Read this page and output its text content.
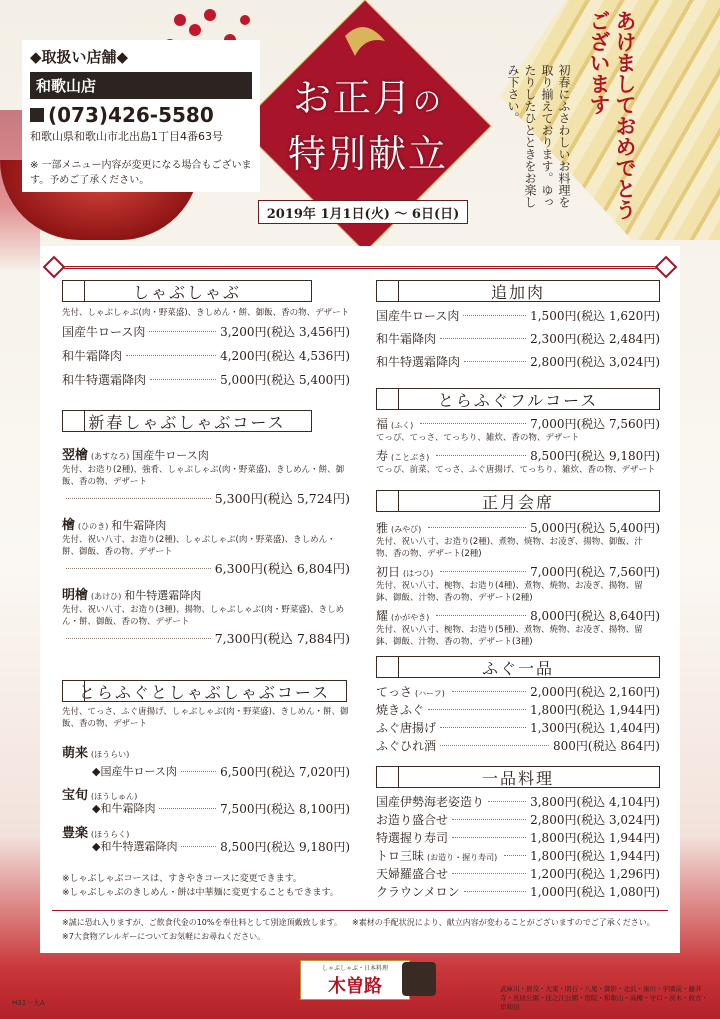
お正月の
特別献立
2019年 1月1日(火) 〜 6日(日)
◆取扱い店舗◆
和歌山店
(073)426-5580
和歌山県和歌山市北出島1丁目4番63号
※ 一部メニュー内容が変更になる場合もございます。予めご了承ください。	あけましておめでとうございます
初春にふさわしいお料理を取り揃えております。ゆったりしたひとときをお楽しみ下さい。
しゃぶしゃぶ
先付、しゃぶしゃぶ(肉・野菜盛)、きしめん・餅、御飯、香の物、デザート
国産牛ロース肉	3,200円(税込 3,456円)
和牛霜降肉	4,200円(税込 4,536円)
和牛特選霜降肉	5,000円(税込 5,400円)
新春しゃぶしゃぶコース
翌檜 (あすなろ) 国産牛ロース肉
先付、お造り(2種)、強肴、しゃぶしゃぶ(肉・野菜盛)、きしめん・餅、御飯、香の物、デザート
5,300円(税込 5,724円)
檜 (ひのき) 和牛霜降肉
先付、祝い八寸、お造り(2種)、しゃぶしゃぶ(肉・野菜盛)、きしめん・餅、御飯、香の物、デザート
6,300円(税込 6,804円)
明檜 (あけひ) 和牛特選霜降肉
先付、祝い八寸、お造り(3種)、揚物、しゃぶしゃぶ(肉・野菜盛)、きしめん・餅、御飯、香の物、デザート
7,300円(税込 7,884円)
とらふぐとしゃぶしゃぶコース
先付、てっさ、ふぐ唐揚げ、しゃぶしゃぶ(肉・野菜盛)、きしめん・餅、御飯、香の物、デザート
萌来 (ほうらい)
◆国産牛ロース肉	6,500円(税込 7,020円)
宝旬 (ほうしゅん)
◆和牛霜降肉	7,500円(税込 8,100円)
豊楽 (ほうらく)
◆和牛特選霜降肉	8,500円(税込 9,180円)
※しゃぶしゃぶコースは、すきやきコースに変更できます。
※しゃぶしゃぶのきしめん・餅は中華麺に変更することもできます。
追加肉
国産牛ロース肉	1,500円(税込 1,620円)
和牛霜降肉	2,300円(税込 2,484円)
和牛特選霜降肉	2,800円(税込 3,024円)
とらふぐフルコース
福 (ふく)	7,000円(税込 7,560円)
てっぴ、てっさ、てっちり、雑炊、香の物、デザート
寿 (ことぶき)	8,500円(税込 9,180円)
てっぴ、前菜、てっさ、ふぐ唐揚げ、てっちり、雑炊、香の物、デザート
正月会席
雅 (みやび)	5,000円(税込 5,400円)
先付、祝い八寸、お造り(2種)、煮物、焼物、お凌ぎ、揚物、御飯、汁物、香の物、デザート(2種)
初日 (はつひ)	7,000円(税込 7,560円)
先付、祝い八寸、椀物、お造り(4種)、煮物、焼物、お凌ぎ、揚物、留鉢、御飯、汁物、香の物、デザート(2種)
耀 (かがやき)	8,000円(税込 8,640円)
先付、祝い八寸、椀物、お造り(5種)、煮物、焼物、お凌ぎ、揚物、留鉢、御飯、汁物、香の物、デザート(3種)
ふぐ一品
てっさ (ハーフ)	2,000円(税込 2,160円)
焼きふぐ	1,800円(税込 1,944円)
ふぐ唐揚げ	1,300円(税込 1,404円)
ふぐひれ酒	800円(税込 864円)
一品料理
国産伊勢海老姿造り	3,800円(税込 4,104円)
お造り盛合せ	2,800円(税込 3,024円)
特選握り寿司	1,800円(税込 1,944円)
トロ三昧 (お造り・握り寿司)	1,800円(税込 1,944円)
天婦羅盛合せ	1,200円(税込 1,296円)
クラウンメロン	1,000円(税込 1,080円)
※誠に恐れ入りますが、ご飲食代金の10%を奉仕料として別途頂戴致します。
※7大食物アレルギーについてお気軽にお尋ねください。
※素材の手配状況により、献立内容が変わることがございますのでご了承ください。
しゃぶしゃぶ・日本料理
木曽路	武庫川・賀茂・大東・明石・八尾・御影・北浜・湊川・学園前・藤井寺・長居公園・住之江公園・宿院・和歌山・高槻・守口・茨木・枚方・岸和田
H31一太A
